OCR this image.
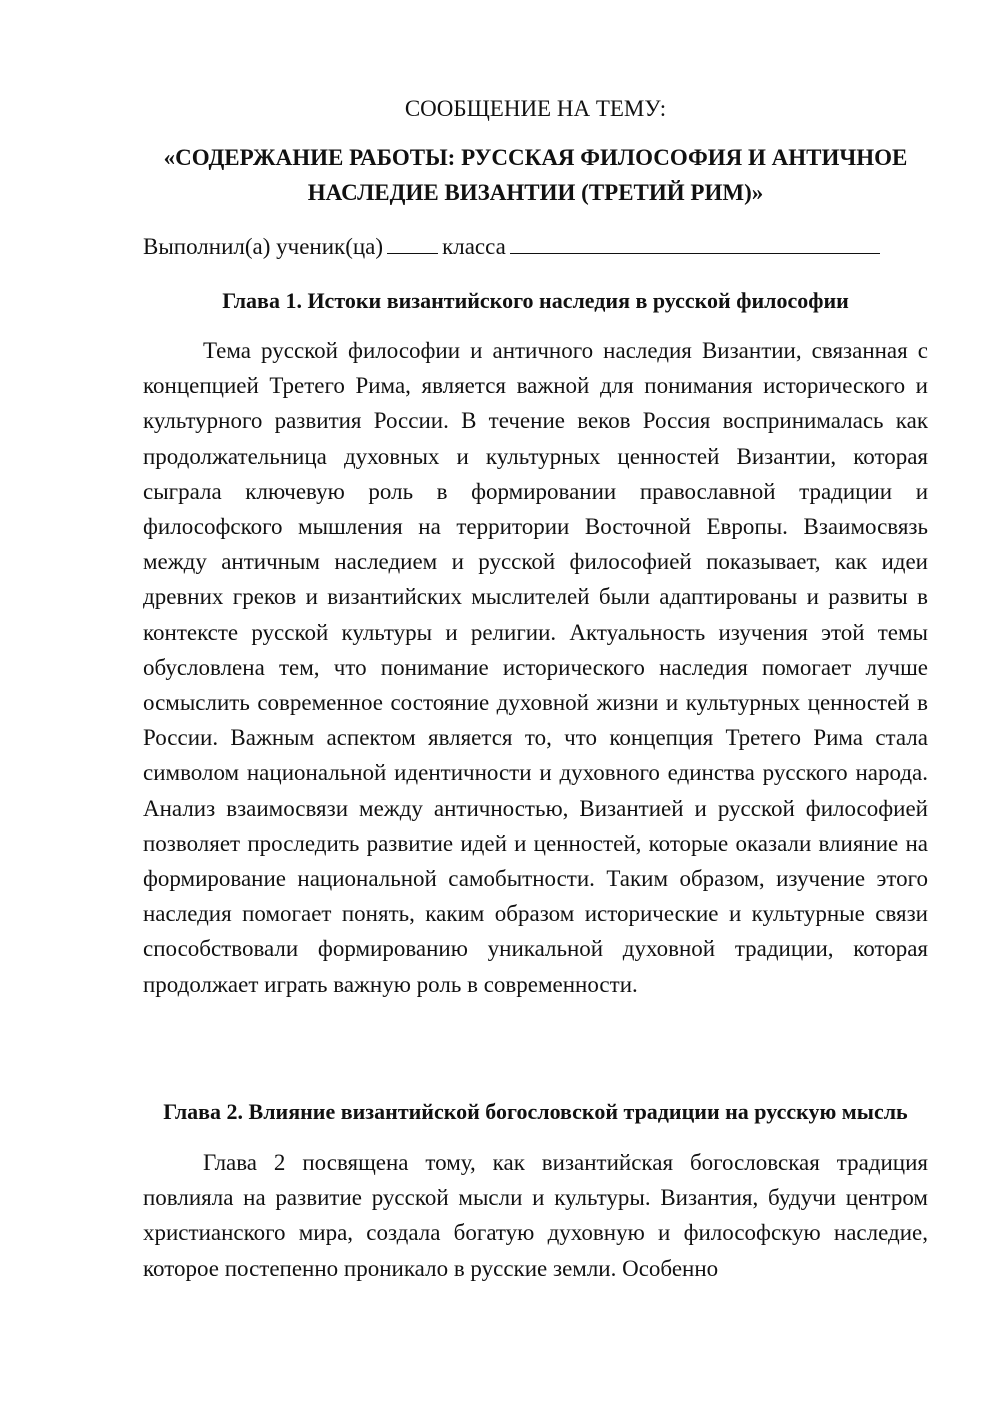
СООБЩЕНИЕ НА ТЕМУ:
«СОДЕРЖАНИЕ РАБОТЫ: РУССКАЯ ФИЛОСОФИЯ И АНТИЧНОЕ НАСЛЕДИЕ ВИЗАНТИИ (ТРЕТИЙ РИМ)»
Выполнил(а) ученик(ца)	класса
Глава 1. Истоки византийского наследия в русской философии

Тема русской философии и античного наследия Византии, связанная с концепцией Третего Рима, является важной для понимания исторического и культурного развития России. В течение веков Россия воспринималась как продолжательница духовных и культурных ценностей Византии, которая сыграла ключевую роль в формировании православной традиции и философского мышления на территории Восточной Европы. Взаимосвязь между античным наследием и русской философией показывает, как идеи древних греков и византийских мыслителей были адаптированы и развиты в контексте русской культуры и религии. Актуальность изучения этой темы обусловлена тем, что понимание исторического наследия помогает лучше осмыслить современное состояние духовной жизни и культурных ценностей в России. Важным аспектом является то, что концепция Третего Рима стала символом национальной идентичности и духовного единства русского народа. Анализ взаимосвязи между античностью, Византией и русской философией позволяет проследить развитие идей и ценностей, которые оказали влияние на формирование национальной самобытности. Таким образом, изучение этого наследия помогает понять, каким образом исторические и культурные связи способствовали формированию уникальной духовной традиции, которая продолжает играть важную роль в современности.

Глава 2. Влияние византийской богословской традиции на русскую мысль

Глава 2 посвящена тому, как византийская богословская традиция повлияла на развитие русской мысли и культуры. Византия, будучи центром христианского мира, создала богатую духовную и философскую наследие, которое постепенно проникало в русские земли. Особенно
